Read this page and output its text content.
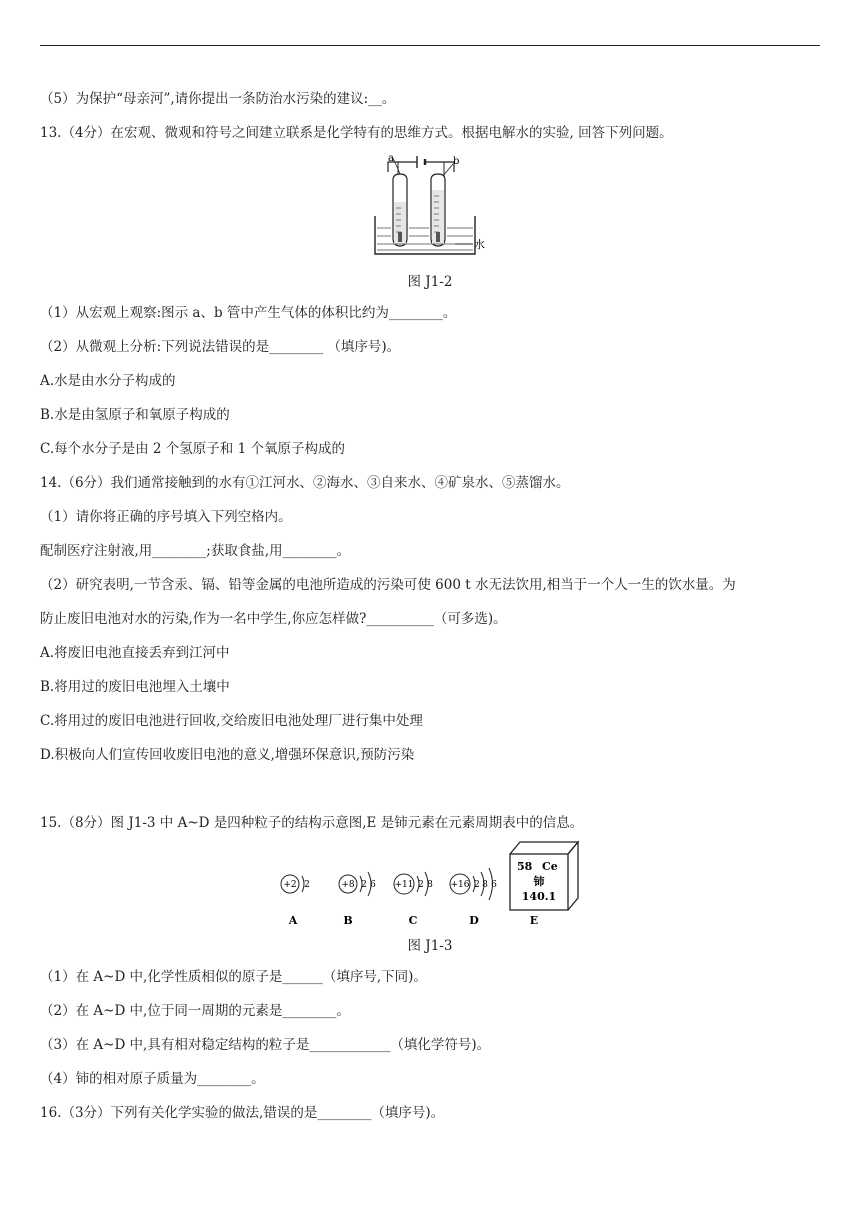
（5）为保护“母亲河”,请你提出一条防治水污染的建议:__。
13.（4分）在宏观、微观和符号之间建立联系是化学特有的思维方式。根据电解水的实验, 回答下列问题。
a	b
水
图 J1-2
（1）从宏观上观察:图示 a、b 管中产生气体的体积比约为________。
（2）从微观上分析:下列说法错误的是________ （填序号)。
A.水是由水分子构成的
B.水是由氢原子和氧原子构成的
C.每个水分子是由 2 个氢原子和 1 个氧原子构成的
14.（6分）我们通常接触到的水有①江河水、②海水、③自来水、④矿泉水、⑤蒸馏水。
（1）请你将正确的序号填入下列空格内。
配制医疗注射液,用________;获取食盐,用________。
（2）研究表明,一节含汞、镉、铅等金属的电池所造成的污染可使 600 t 水无法饮用,相当于一个人一生的饮水量。为
防止废旧电池对水的污染,作为一名中学生,你应怎样做?__________（可多选)。
A.将废旧电池直接丢弃到江河中
B.将用过的废旧电池埋入土壤中
C.将用过的废旧电池进行回收,交给废旧电池处理厂进行集中处理
D.积极向人们宣传回收废旧电池的意义,增强环保意识,预防污染
15.（8分）图 J1-3 中 A~D 是四种粒子的结构示意图,E 是铈元素在元素周期表中的信息。
+2 2	+8 2 6 +11 2 8 +16 2 8 6
58 Ce
铈
140.1
A	B	C	D	E
图 J1-3
（1）在 A~D 中,化学性质相似的原子是______（填序号,下同)。
（2）在 A~D 中,位于同一周期的元素是________。
（3）在 A~D 中,具有相对稳定结构的粒子是____________（填化学符号)。
（4）铈的相对原子质量为________。
16.（3分）下列有关化学实验的做法,错误的是________（填序号)。
